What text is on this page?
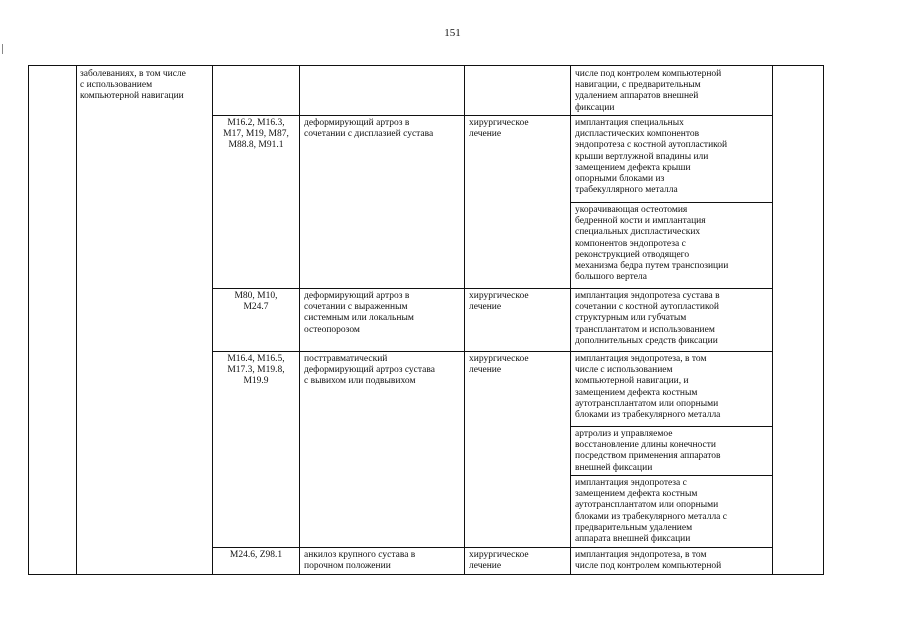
151
заболеваниях, в том числе
с использованием
компьютерной навигации
числе под контролем компьютерной
навигации, с предварительным
удалением аппаратов внешней
фиксации
M16.2, M16.3,
M17, M19, M87,
M88.8, M91.1
деформирующий артроз в
сочетании с дисплазией сустава
хирургическое
лечение
имплантация специальных
диспластических компонентов
эндопротеза с костной аутопластикой
крыши вертлужной впадины или
замещением дефекта крыши
опорными блоками из
трабекуллярного металла
укорачивающая остеотомия
бедренной кости и имплантация
специальных диспластических
компонентов эндопротеза с
реконструкцией отводящего
механизма бедра путем транспозиции
большого вертела
M80, M10,
M24.7
деформирующий артроз в
сочетании с выраженным
системным или локальным
остеопорозом
хирургическое
лечение
имплантация эндопротеза сустава в
сочетании с костной аутопластикой
структурным или губчатым
трансплантатом и использованием
дополнительных средств фиксации
M16.4, M16.5,
M17.3, M19.8,
M19.9
посттравматический
деформирующий артроз сустава
с вывихом или подвывихом
хирургическое
лечение
имплантация эндопротеза, в том
числе с использованием
компьютерной навигации, и
замещением дефекта костным
аутотрансплантатом или опорными
блоками из трабекулярного металла
артролиз и управляемое
восстановление длины конечности
посредством применения аппаратов
внешней фиксации
имплантация эндопротеза с
замещением дефекта костным
аутотрансплантатом или опорными
блоками из трабекулярного металла с
предварительным удалением
аппарата внешней фиксации
M24.6, Z98.1	анкилоз крупного сустава в
порочном положении
хирургическое
лечение
имплантация эндопротеза, в том
числе под контролем компьютерной
